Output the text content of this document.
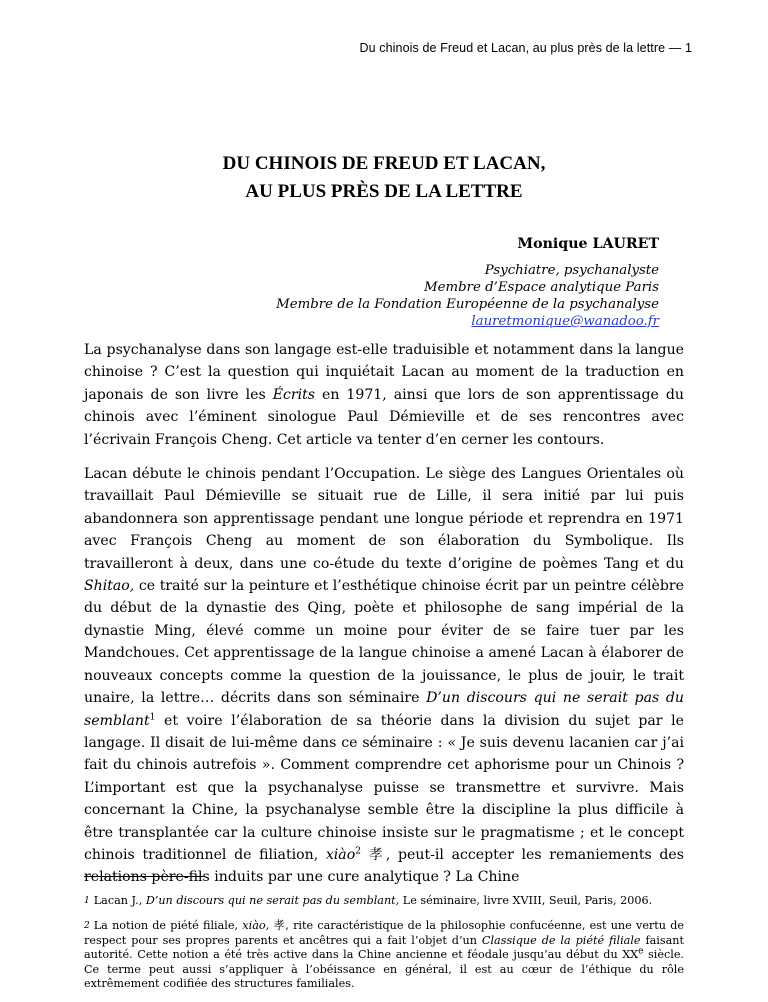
Du chinois de Freud et Lacan, au plus près de la lettre — 1
DU CHINOIS DE FREUD ET LACAN,
AU PLUS PRÈS DE LA LETTRE
Monique LAURET
Psychiatre, psychanalyste
Membre d’Espace analytique Paris
Membre de la Fondation Européenne de la psychanalyse
lauretmonique@wanadoo.fr

La psychanalyse dans son langage est-elle traduisible et notamment dans la langue chinoise ? C’est la question qui inquiétait Lacan au moment de la traduction en japonais de son livre les Écrits en 1971, ainsi que lors de son apprentissage du chinois avec l’éminent sinologue Paul Démieville et de ses rencontres avec l’écrivain François Cheng. Cet article va tenter d’en cerner les contours.

Lacan débute le chinois pendant l’Occupation. Le siège des Langues Orientales où travaillait Paul Démieville se situait rue de Lille, il sera initié par lui puis abandonnera son apprentissage pendant une longue période et reprendra en 1971 avec François Cheng au moment de son élaboration du Symbolique. Ils travailleront à deux, dans une co-étude du texte d’origine de poèmes Tang et du Shitao, ce traité sur la peinture et l’esthétique chinoise écrit par un peintre célèbre du début de la dynastie des Qing, poète et philosophe de sang impérial de la dynastie Ming, élevé comme un moine pour éviter de se faire tuer par les Mandchoues. Cet apprentissage de la langue chinoise a amené Lacan à élaborer de nouveaux concepts comme la question de la jouissance, le plus de jouir, le trait unaire, la lettre… décrits dans son séminaire D’un discours qui ne serait pas du semblant$^1$ et voire l’élaboration de sa théorie dans la division du sujet par le langage. Il disait de lui-même dans ce séminaire : « Je suis devenu lacanien car j’ai fait du chinois autrefois ». Comment comprendre cet aphorisme pour un Chinois ? L’important est que la psychanalyse puisse se transmettre et survivre. Mais concernant la Chine, la psychanalyse semble être la discipline la plus difficile à être transplantée car la culture chinoise insiste sur le pragmatisme ; et le concept chinois traditionnel de filiation, xiào$^2$ 孝, peut-il accepter les remaniements des relations père-fils induits par une cure analytique ? La Chine

$^1$ Lacan J., D’un discours qui ne serait pas du semblant, Le séminaire, livre XVIII, Seuil, Paris, 2006.

$^2$ La notion de piété filiale, xiào, 孝, rite caractéristique de la philosophie confucéenne, est une vertu de respect pour ses propres parents et ancêtres qui a fait l’objet d’un Classique de la piété filiale faisant autorité. Cette notion a été très active dans la Chine ancienne et féodale jusqu’au début du XXe siècle. Ce terme peut aussi s’appliquer à l’obéissance en général, il est au cœur de l’éthique du rôle extrêmement codifiée des structures familiales.
